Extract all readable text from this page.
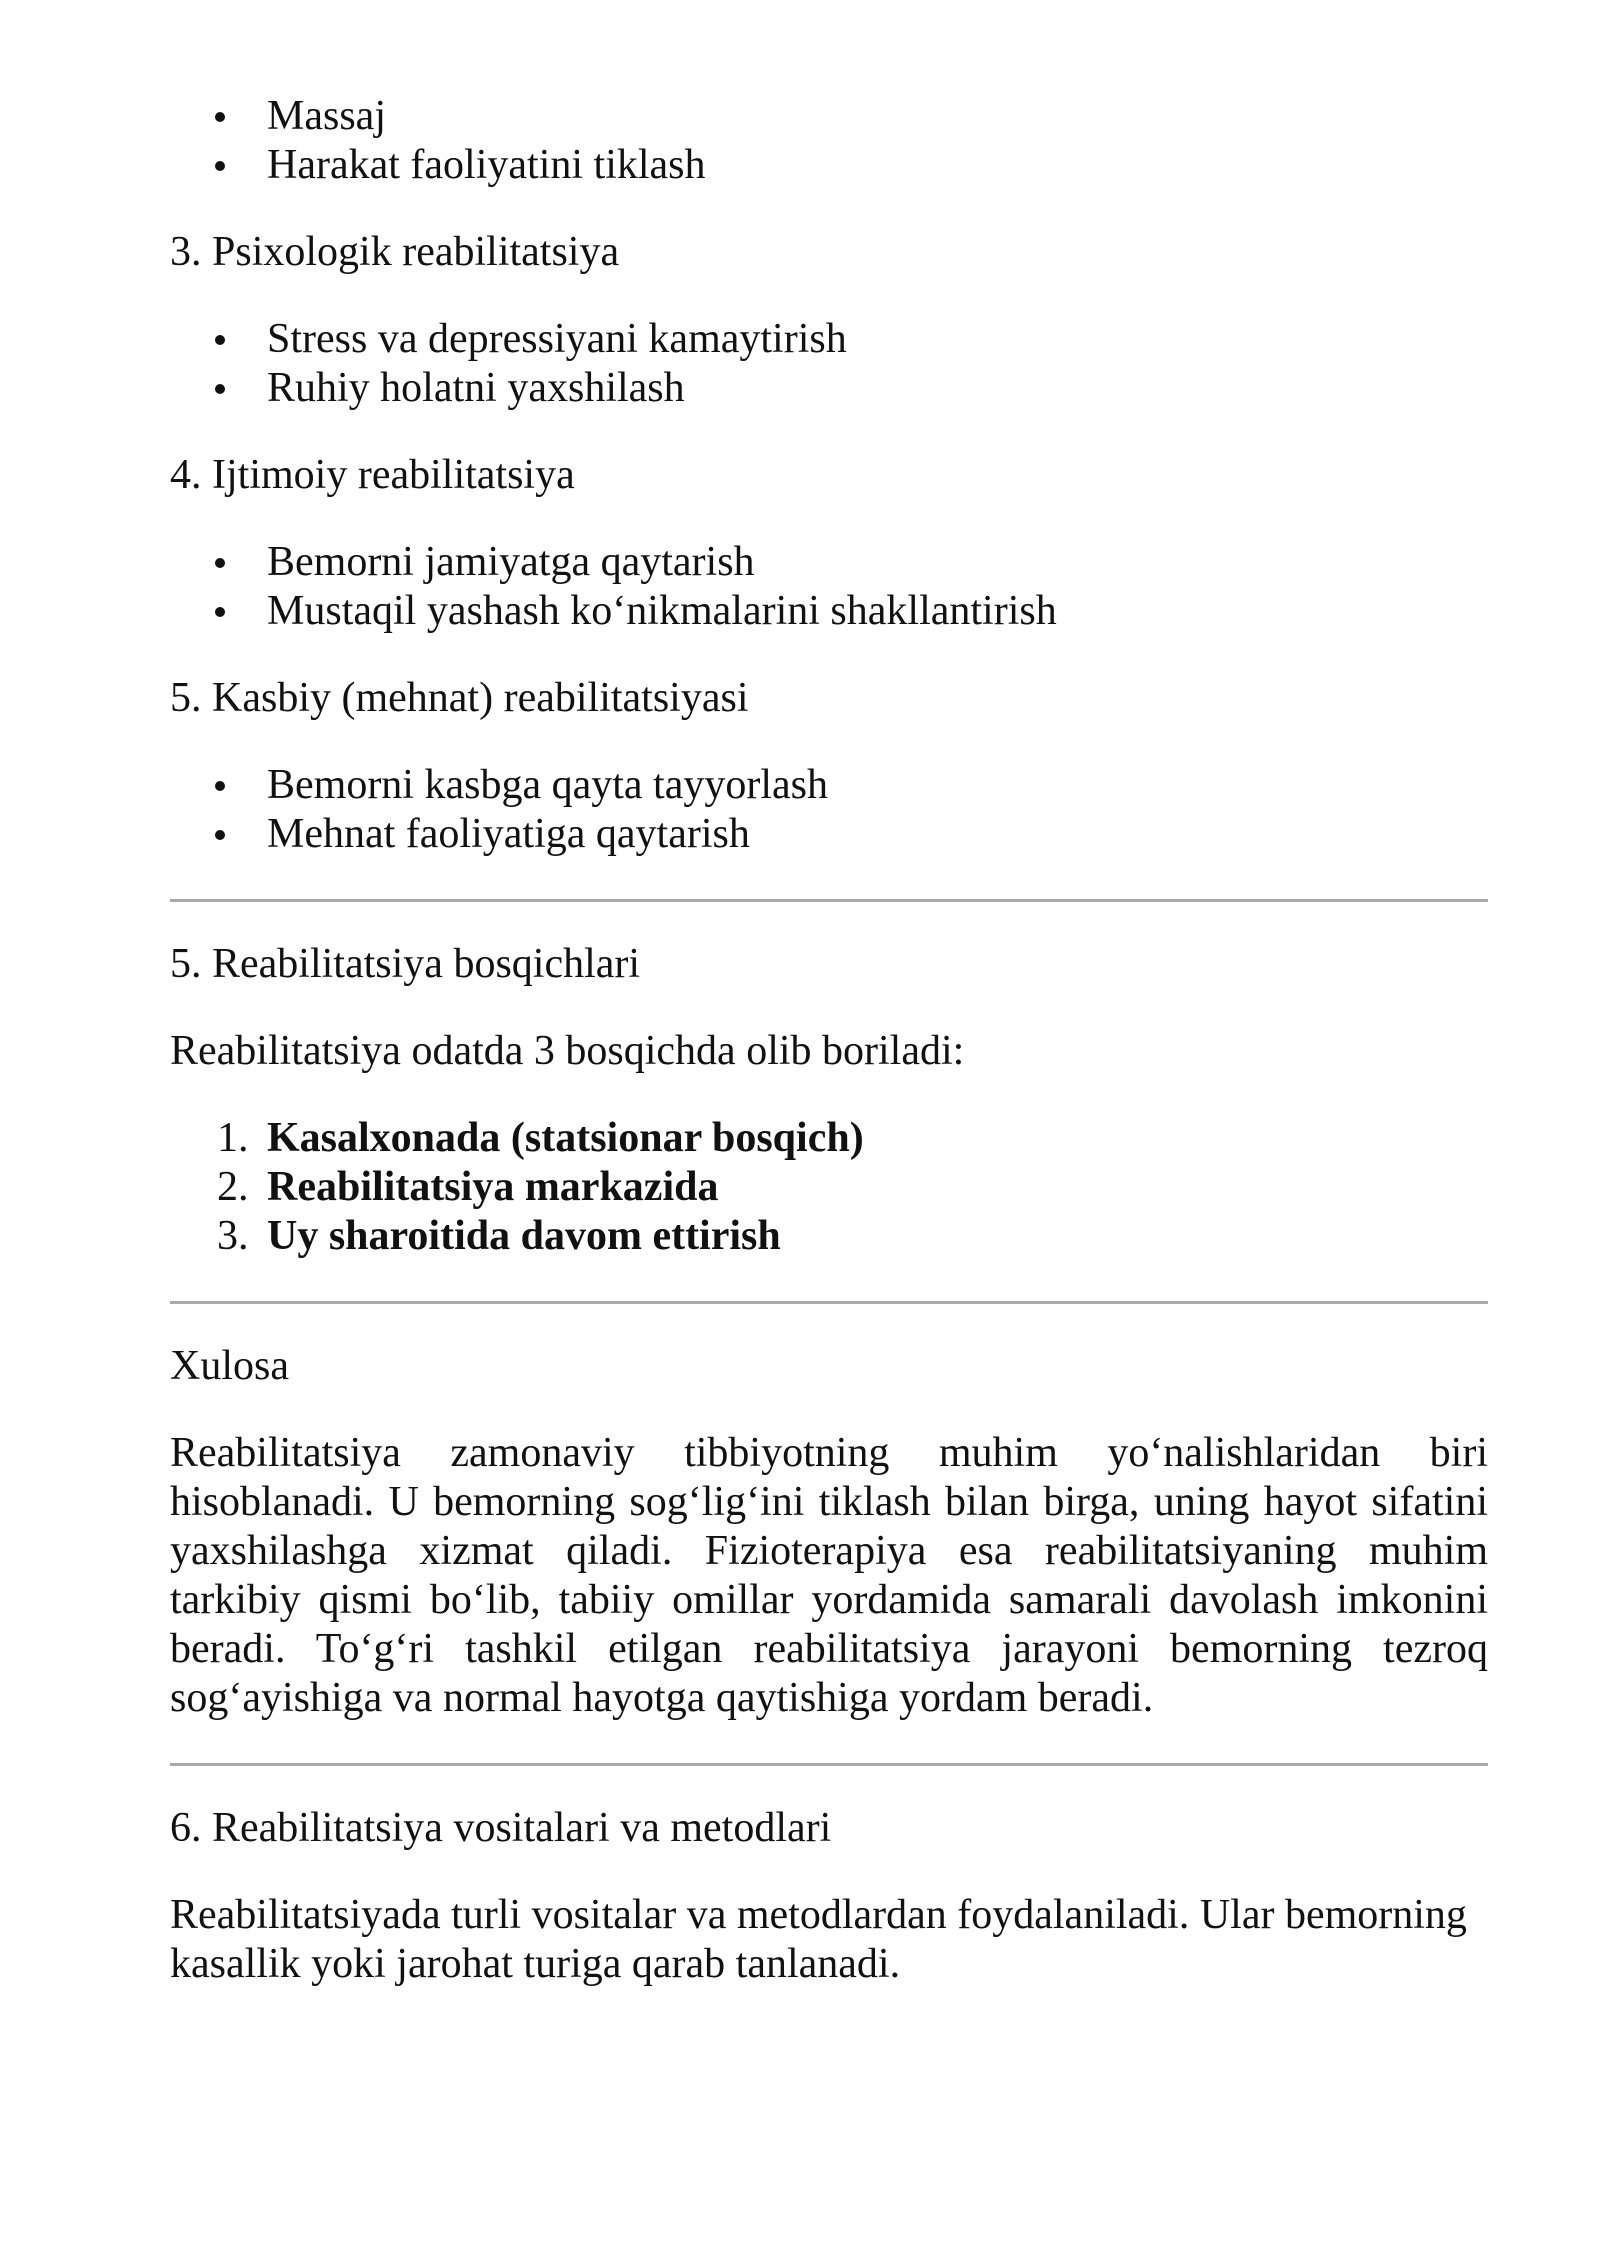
Massaj
Harakat faoliyatini tiklash

3. Psixologik reabilitatsiya

Stress va depressiyani kamaytirish
Ruhiy holatni yaxshilash

4. Ijtimoiy reabilitatsiya

Bemorni jamiyatga qaytarish
Mustaqil yashash ko‘nikmalarini shakllantirish

5. Kasbiy (mehnat) reabilitatsiyasi

Bemorni kasbga qayta tayyorlash
Mehnat faoliyatiga qaytarish

5. Reabilitatsiya bosqichlari

Reabilitatsiya odatda 3 bosqichda olib boriladi:

1. Kasalxonada (statsionar bosqich)
2. Reabilitatsiya markazida
3. Uy sharoitida davom ettirish

Xulosa

Reabilitatsiya zamonaviy tibbiyotning muhim yo‘nalishlaridan biri hisoblanadi. U bemorning sog‘lig‘ini tiklash bilan birga, uning hayot sifatini yaxshilashga xizmat qiladi. Fizioterapiya esa reabilitatsiyaning muhim tarkibiy qismi bo‘lib, tabiiy omillar yordamida samarali davolash imkonini beradi. To‘g‘ri tashkil etilgan reabilitatsiya jarayoni bemorning tezroq sog‘ayishiga va normal hayotga qaytishiga yordam beradi.

6. Reabilitatsiya vositalari va metodlari

Reabilitatsiyada turli vositalar va metodlardan foydalaniladi. Ular bemorning kasallik yoki jarohat turiga qarab tanlanadi.
